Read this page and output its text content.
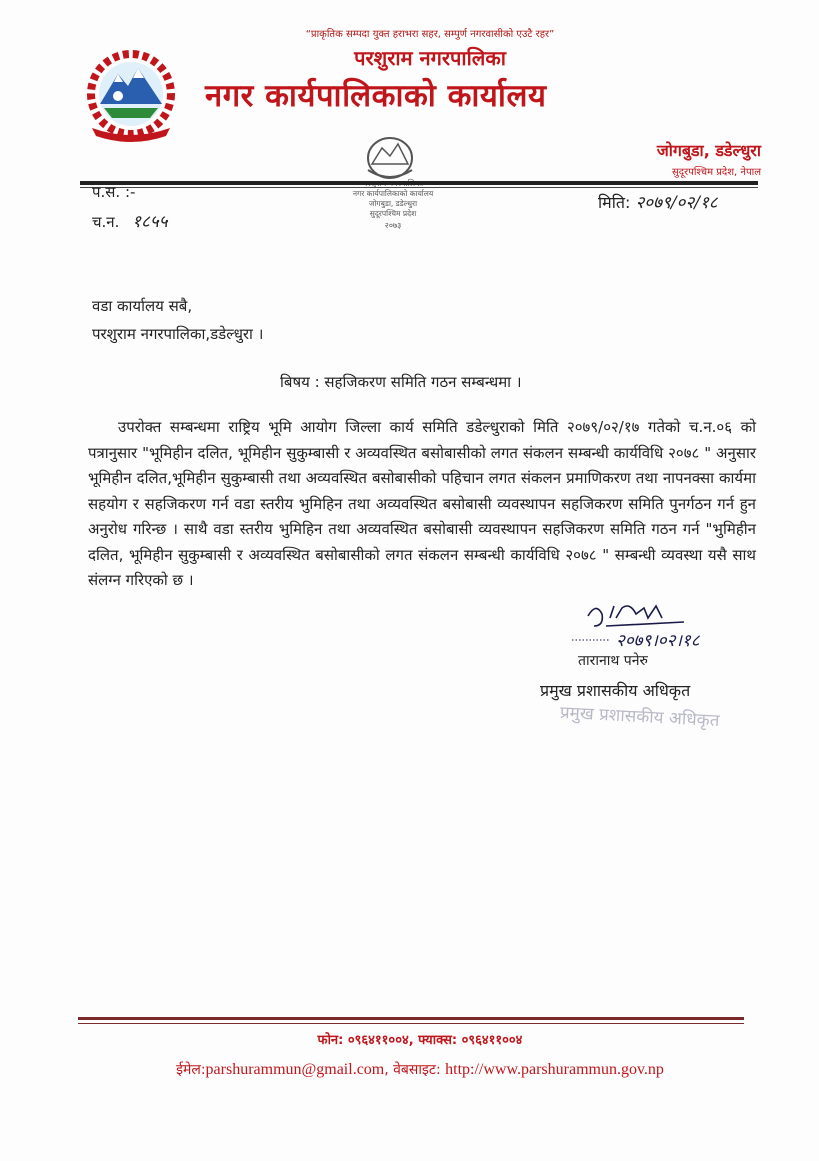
“प्राकृतिक सम्पदा युक्त हराभरा सहर, सम्पुर्ण नगरवासीको एउटै रहर”
परशुराम नगरपालिका
नगर कार्यपालिकाको कार्यालय
नगर कार्यपालिकाको कार्यालय
जोगबुडा, डडेल्धुरा
सुदूरपश्चिम प्रदेश
२०७३
जोगबुडा, डडेल्धुरा
सुदूरपश्चिम प्रदेश, नेपाल
प.स. :-
च.न. १८५५
मिति: २०७९/०२/१८
वडा कार्यालय सबै,
परशुराम नगरपालिका,डडेल्धुरा ।
बिषय : सहजिकरण समिति गठन सम्बन्धमा ।
उपरोक्त सम्बन्धमा राष्ट्रिय भूमि आयोग जिल्ला कार्य समिति डडेल्धुराको मिति २०७९/०२/१७ गतेको च.न.०६ को पत्रानुसार "भूमिहीन दलित, भूमिहीन सुकुम्बासी र अव्यवस्थित बसोबासीको लगत संकलन सम्बन्धी कार्यविधि २०७८ " अनुसार भूमिहीन दलित,भूमिहीन सुकुम्बासी तथा अव्यवस्थित बसोबासीको पहिचान लगत संकलन प्रमाणिकरण तथा नापनक्सा कार्यमा सहयोग र सहजिकरण गर्न वडा स्तरीय भुमिहिन तथा अव्यवस्थित बसोबासी व्यवस्थापन सहजिकरण समिति पुनर्गठन गर्न हुन अनुरोध गरिन्छ । साथै वडा स्तरीय भुमिहिन तथा अव्यवस्थित बसोबासी व्यवस्थापन सहजिकरण समिति गठन गर्न "भुमिहीन दलित, भूमिहीन सुकुम्बासी र अव्यवस्थित बसोबासीको लगत संकलन सम्बन्धी कार्यविधि २०७८ " सम्बन्धी व्यवस्था यसै साथ संलग्न गरिएको छ ।
२०७९।०२।१८
तारानाथ पनेरु
प्रमुख प्रशासकीय अधिकृत
प्रमुख प्रशासकीय अधिकृत
फोन: ०९६४११००४, फ्याक्स: ०९६४११००४
ईमेल:parshurammun@gmail.com, वेबसाइट: http://www.parshurammun.gov.np
